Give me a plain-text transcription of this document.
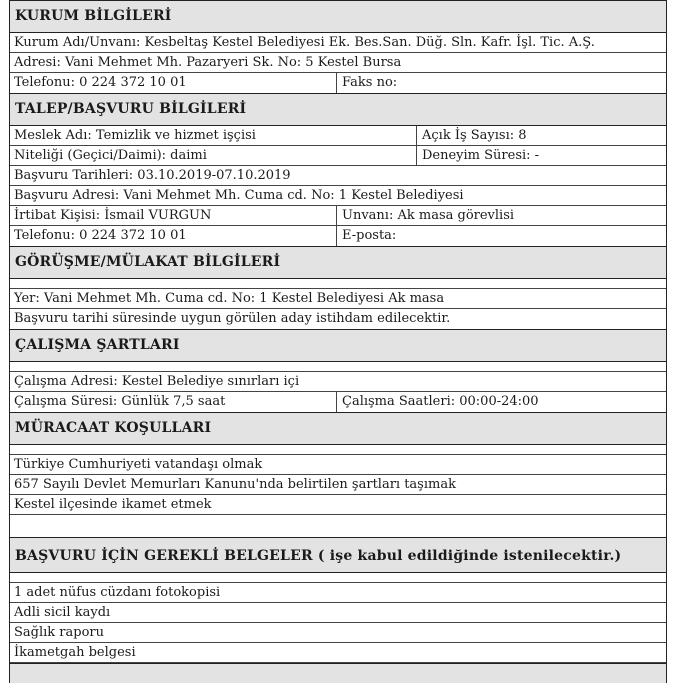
KURUM BİLGİLERİ
Kurum Adı/Unvanı: Kesbeltaş Kestel Belediyesi Ek. Bes.San. Düğ. Sln. Kafr. İşl. Tic. A.Ş.
Adresi: Vani Mehmet Mh. Pazaryeri Sk. No: 5 Kestel Bursa
Telefonu: 0 224 372 10 01	Faks no:
TALEP/BAŞVURU BİLGİLERİ
Meslek Adı: Temizlik ve hizmet işçisi	Açık İş Sayısı: 8
Niteliği (Geçici/Daimi): daimi	Deneyim Süresi: -
Başvuru Tarihleri: 03.10.2019-07.10.2019
Başvuru Adresi: Vani Mehmet Mh. Cuma cd. No: 1 Kestel Belediyesi
İrtibat Kişisi: İsmail VURGUN	Unvanı: Ak masa görevlisi
Telefonu: 0 224 372 10 01	E-posta:
GÖRÜŞME/MÜLAKAT BİLGİLERİ
Yer: Vani Mehmet Mh. Cuma cd. No: 1 Kestel Belediyesi Ak masa
Başvuru tarihi süresinde uygun görülen aday istihdam edilecektir.
ÇALIŞMA ŞARTLARI
Çalışma Adresi: Kestel Belediye sınırları içi
Çalışma Süresi: Günlük 7,5 saat	Çalışma Saatleri: 00:00-24:00
MÜRACAAT KOŞULLARI
Türkiye Cumhuriyeti vatandaşı olmak
657 Sayılı Devlet Memurları Kanunu'nda belirtilen şartları taşımak
Kestel ilçesinde ikamet etmek
BAŞVURU İÇİN GEREKLİ BELGELER ( işe kabul edildiğinde istenilecektir.)
1 adet nüfus cüzdanı fotokopisi
Adli sicil kaydı
Sağlık raporu
İkametgah belgesi
